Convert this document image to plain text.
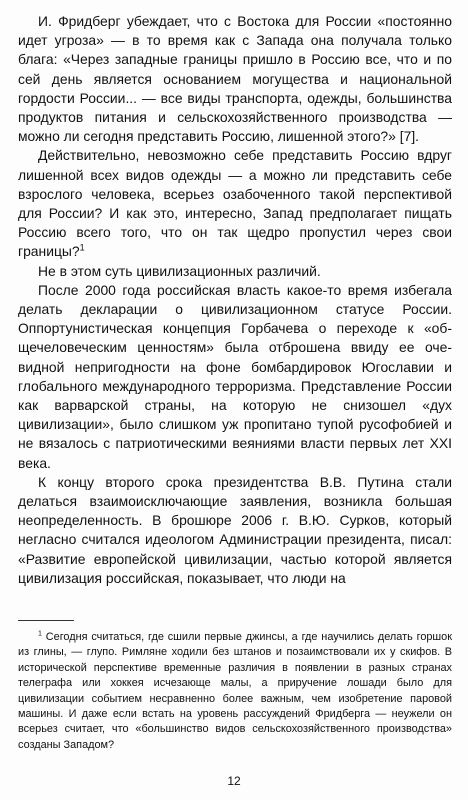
И. Фридберг убеждает, что с Востока для России «постоянно идет угроза» — в то время как с Запада она получала только блага: «Через западные границы пришло в Россию все, что и по сей день является основанием могущества и национальной гордости России... — все виды транспорта, одежды, большинства продуктов питания и сельскохозяйственного производства — можно ли сегодня представить Россию, лишенной этого?» [7].

Действительно, невозможно себе представить Россию вдруг лишенной всех видов одежды — а можно ли представить себе взрослого человека, всерьез озабоченного такой перспективой для России? И как это, интересно, Запад предполагает пищать Россию всего того, что он так щедро пропустил через свои границы?$^1$

Не в этом суть цивилизационных различий.

После 2000 года российская власть какое-то время избегала делать декларации о цивилизационном статусе России. Оппортунистическая концепция Горбачева о переходе к «общечеловеческим ценностям» была отброшена ввиду ее очевидной непригодности на фоне бомбардировок Югославии и глобального международного терроризма. Представление России как варварской страны, на которую не снизошел «дух цивилизации», было слишком уж пропитано тупой русофобией и не вязалось с патриотическими веяниями власти первых лет XXI века.

К концу второго срока президентства В.В. Путина стали делаться взаимоисключающие заявления, возникла большая неопределенность. В брошюре 2006 г. В.Ю. Сурков, который негласно считался идеологом Администрации президента, писал: «Развитие европейской цивилизации, частью которой является цивилизация российская, показывает, что люди на

$^1$ Сегодня считаться, где сшили первые джинсы, а где научились делать горшок из глины, — глупо. Римляне ходили без штанов и позаимствовали их у скифов. В исторической перспективе временные различия в появлении в разных странах телеграфа или хоккея исчезающе малы, а приручение лошади было для цивилизации событием несравненно более важным, чем изобретение паровой машины. И даже если встать на уровень рассуждений Фридберга — неужели он всерьез считает, что «большинство видов сельскохозяйственного производства» созданы Западом?

12
